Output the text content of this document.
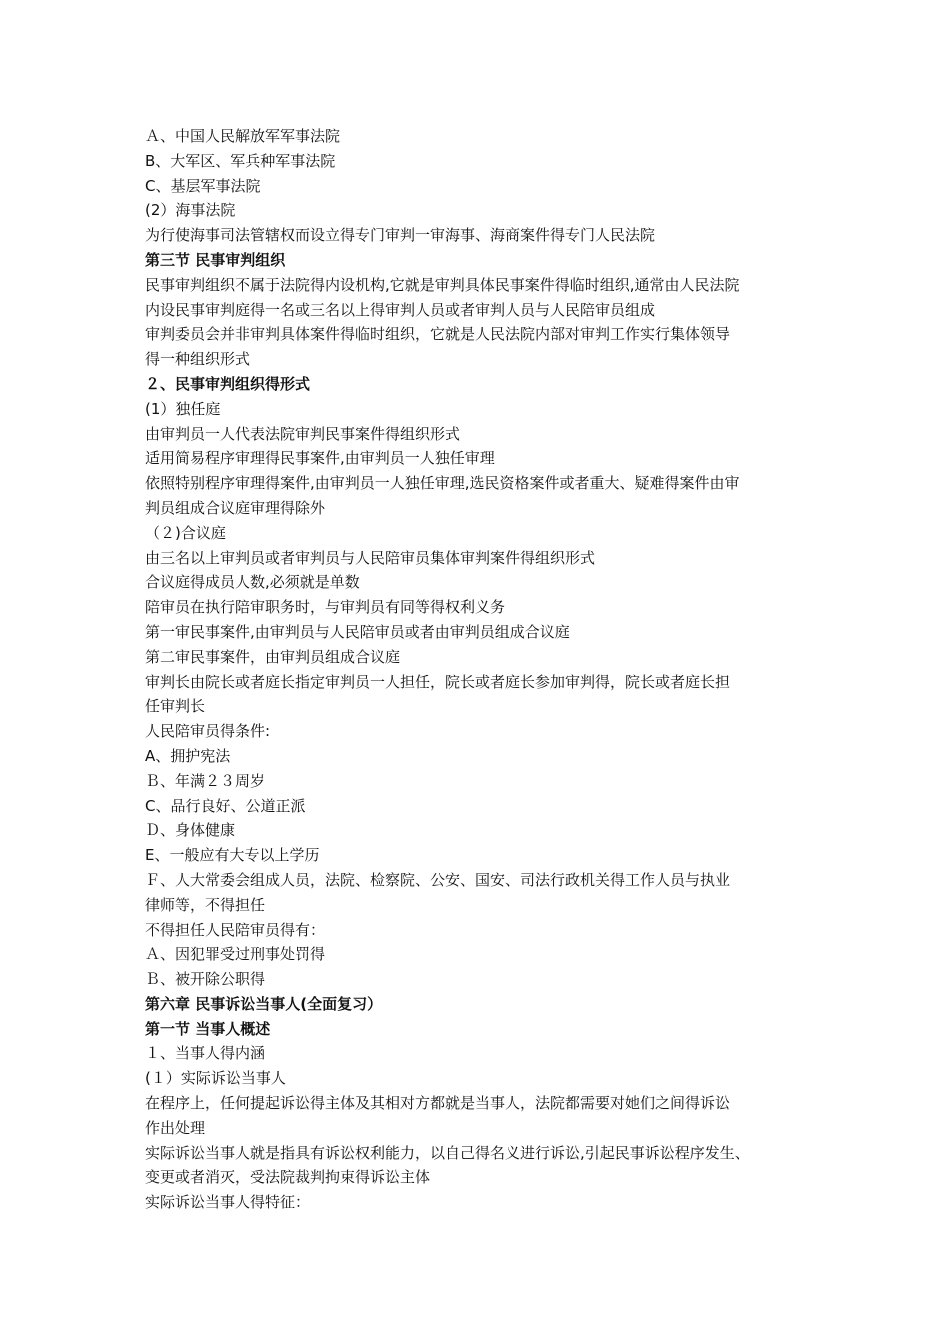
Ａ、中国人民解放军军事法院
B、大军区、军兵种军事法院
C、基层军事法院
(2）海事法院
为行使海事司法管辖权而设立得专门审判一审海事、海商案件得专门人民法院
第三节 民事审判组织
民事审判组织不属于法院得内设机构,它就是审判具体民事案件得临时组织,通常由人民法院
内设民事审判庭得一名或三名以上得审判人员或者审判人员与人民陪审员组成
审判委员会并非审判具体案件得临时组织，它就是人民法院内部对审判工作实行集体领导
得一种组织形式
２、民事审判组织得形式
(1）独任庭
由审判员一人代表法院审判民事案件得组织形式
适用简易程序审理得民事案件,由审判员一人独任审理
依照特别程序审理得案件,由审判员一人独任审理,选民资格案件或者重大、疑难得案件由审
判员组成合议庭审理得除外
（２)合议庭
由三名以上审判员或者审判员与人民陪审员集体审判案件得组织形式
合议庭得成员人数,必须就是单数
陪审员在执行陪审职务时，与审判员有同等得权利义务
第一审民事案件,由审判员与人民陪审员或者由审判员组成合议庭
第二审民事案件，由审判员组成合议庭
审判长由院长或者庭长指定审判员一人担任，院长或者庭长参加审判得，院长或者庭长担
任审判长
人民陪审员得条件:
A、拥护宪法
Ｂ、年满２３周岁
C、品行良好、公道正派
Ｄ、身体健康
E、一般应有大专以上学历
Ｆ、人大常委会组成人员，法院、检察院、公安、国安、司法行政机关得工作人员与执业
律师等，不得担任
不得担任人民陪审员得有：
Ａ、因犯罪受过刑事处罚得
Ｂ、被开除公职得
第六章 民事诉讼当事人(全面复习）
第一节 当事人概述
１、当事人得内涵
(１）实际诉讼当事人
在程序上，任何提起诉讼得主体及其相对方都就是当事人，法院都需要对她们之间得诉讼
作出处理
实际诉讼当事人就是指具有诉讼权利能力，以自己得名义进行诉讼,引起民事诉讼程序发生、
变更或者消灭，受法院裁判拘束得诉讼主体
实际诉讼当事人得特征：
